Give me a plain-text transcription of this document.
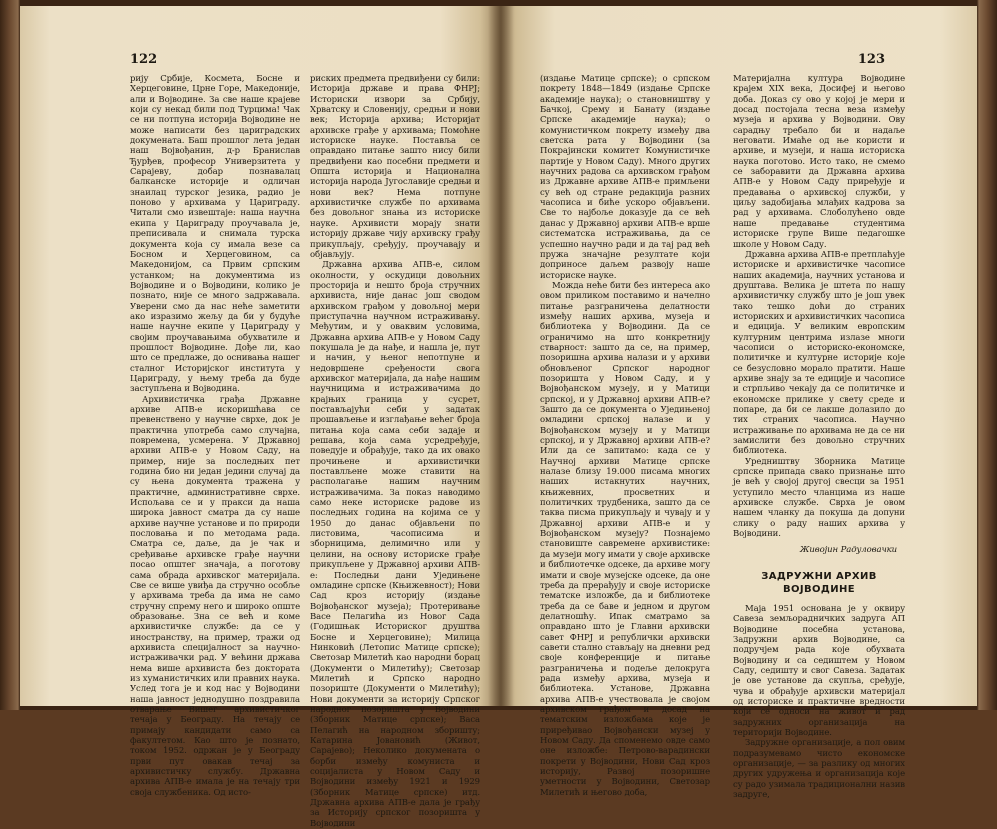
122

рију Србије, Космета, Босне и Херцеговине, Црне Горе, Македоније, али и Војводине. За све наше крајеве који су некад били под Турцима! Чак се ни потпуна историја Војводине не може написати без цариградских докумената. Баш прошлог лета један наш Војвођанин, д-р Бранислав Ђурђев, професор Универзитета у Сарајеву, добар познавалац балканске историје и одличан знаилац турског језика, радио је поново у архивама у Цариграду. Читали смо извештаје: наша научна екипа у Цариграду проучавала је, преписивала и снимала турска документа која су имала везе са Босном и Херцеговином, са Македонијом, са Првим српским устанком; на документима из Војводине и о Војводини, колико је познато, није се много задржавала. Уверени смо да нас неће заметити ако изразимо жељу да би у будуће наше научне екипе у Цариграду у својим проучавањима обухватиле и прошлост Војводине. Дође ли, као што се предлаже, до оснивања нашег сталног Историјског института у Цариграду, у њему треба да буде заступљена и Војводина.

Архивистичка грађа Државне архиве АПВ-е искоришћава се превенствено у научне сврхе, док је практична употреба само случајна, повремена, усмерена. У Државној архиви АПВ-е у Новом Саду, на пример, није за последњих пет година био ни један једини случај да су њена документа тражена у практичне, административне сврхе. Испољава се и у пракси да наша широка јавност сматра да су наше архиве научне установе и по природи пословања и по методама рада. Сматра се, даље, да је чак и сређивање архивске грађе научни посао општег значаја, а поготову сама обрада архивског материјала. Све се више увиђа да стручно особље у архивама треба да има не само стручну спрему него и широко опште образовање. Зна се већ и коме архивистичке службе: да се у иностранству, на пример, тражи од архивиста специјалност за научно-истраживачки рад. У већини држава нема више архивиста без доктората из хуманистичких или правних наука. Услед тога је и код нас у Војводини наша јавност једнодушно поздравила отварање Вишег архивистичког течаја у Београду. На течају се примају кандидати само са факултетом. Као што је познато, током 1952. одржан је у Београду први пут овакав течај за архивистичку службу. Државна архива АПВ-е имала је на течају три своја службеника. Од исто-

риских предмета предвиђени су били: Историја државе и права ФНРЈ; Историски извори за Србију, Хрватску и Словенију, средњи и нови век; Историја архива; Историјат архивске грађе у архивама; Помоћне историске науке. Поставља се оправдано питање зашто нису били предвиђени као посебни предмети и Општа историја и Национална историја народа Југославије средњи и нови век? Нема потпуне архивистичке службе по архивама без довољног знања из историске науке. Архивисти морају знати историју државе чију архивску грађу прикупљају, сређују, проучавају и објављују.

Државна архива АПВ-е, силом околности, у оскудици довољних просторија и нешто броја стручних архивиста, није данас још сводом архивском грађом у довољној мери приступачна научном истраживању. Међутим, и у оваквим условима, Државна архива АПВ-е у Новом Саду покушала је да нађе, и нашла је, пут и начин, у њеног непотпуне и недовршене сређености свога архивског материјала, да нађе нашим научницима и истраживачима до крајњих граница у сусрет, постављајући себи у задатак прошављење и изглађање већег броја питања која сама себи задаје и решава, која сама усредређује, поведује и обрађује, тако да их овако прочињене и архивистички поставлљене може ставити на располагање нашим научним истраживачима. За показ наводимо само неке историске радове из последњих година на којима се у 1950 до данас објављени по листовима, часописима и зборницима, делимично или у целини, на основу историске грађе прикупљене у Државној архиви АПВ-е: Последњи дани Уједињене омладине српске (Књижевност); Нови Сад кроз историју (издање Војвођанског музеја); Протеривање Васе Пелагића из Новог Сада (Годишњак Историског друштва Босне и Херцеговине); Милица Нинковић (Летопис Матице српске); Светозар Милетић као народни борац (Документи о Милетићу); Светозар Милетић и Српско народно позориште (Документи о Милетићу); Нови документи за историју Српског народног позоришта у Војводини (Зборник Матице српске); Васа Пелагић на народном зборишту; Катарина Јовановић (Живот, Сарајево); Неколико докумената о борби између комуниста и социјалиста у Новом Саду и Војводини између 1921 и 1929 (Зборник Матице српске) итд. Државна архива АПВ-е дала је грађу за Историју српског позоришта у Војводини

123

(издање Матице српске); о српском покрету 1848—1849 (издање Српске академије наука); о становништву у Бачкој, Срему и Банату (издање Српске академије наука); о комунистичком покрету између два светска рата у Војводини (за Покрајински комитет Комунистичке партије у Новом Саду). Много других научних радова са архивском грађом из Државне архиве АПВ-е примљени су већ од стране редакција разних часописа и биће ускоро објављени. Све то најбоље доказује да се већ данас у Државној архиви АПВ-е врше систематска истраживања, да се успешно научно ради и да тај рад већ пружа значајне резултате који доприносе даљем развоју наше историске науке.

Можда неће бити без интереса ако овом приликом поставимо и начелно питање разграничења делатности између наших архива, музеја и библиотека у Војводини. Да се ограничимо на што конкретнију стварност: зашто да се, на пример, позоришна архива налази и у архиви обновљеног Српског народног позоришта у Новом Саду, и у Војвођанском музеју, и у Матици српској, и у Државној архиви АПВ-е? Зашто да се документа о Уједињеној омладини српској налазе и у Војвођанском музеју и у Матици српској, и у Државној архиви АПВ-е? Или да се запитамо: када се у Научној архиви Матице српске налазе близу 19.000 писама многих наших истакнутих научних, књижевних, просветних и политичких трудбеника, зашто да се таква писма прикупљају и чувају и у Државној архиви АПВ-е и у Војвођанском музеју? Познајемо становиште савремене архивистике: да музеји могу имати у своје архивске и библиотечке одсеке, да архиве могу имати и своје музејске одсеке, да оне треба да прерађују и своје историске тематске изложбе, да и библиотеке треба да се баве и једном и другом делатношћу. Ипак сматрамо за оправдано што је Главни архивски савет ФНРЈ и републички архивски савети стално стављају на дневни ред своје конференције и питање разграничења и подеље делокруга рада између архива, музеја и библиотека. Установе, Државна архива АПВ-е учествовала је својом архивском грађом и досад на тематским изложбама које је приређивао Војвођански музеј у Новом Саду. Да споменемо овде само оне изложбе: Петрово-варадински покрети у Војводини, Нови Сад кроз историју, Развој позоришне уметности у Војводини, Светозар Милетић и његово доба,

Материјална култура Војводине крајем XIX века, Досифеј и његово доба. Доказ су ово у којој је мери и досад постојала тесна веза између музеја и архива у Војводини. Ову сарадњу требало би и надаље неговати. Имаће од ње користи и архиве, и музеји, и наша историска наука поготово. Исто тако, не смемо се заборавити да Државна архива АПВ-е у Новом Саду приређује и предавања о архивској служби, у циљу задобијања млађих кадрова за рад у архивама. Слоболућено овде наше предавање студентима историске групе Више педагошке школе у Новом Саду.

Државна архива АПВ-е претплаћује историске и архивистичке часописе наших академија, научних установа и друштава. Велика је штета по нашу архивистичку службу што је још увек тако тешко доћи до страних историских и архивистичких часописа и едиција. У великим европским културним центрима излазе многи часописи о историско-економске, политичке и културне историје које се безусловно морало пратити. Наше архиве знају за те едиције и часописе и стрпљиво чекају да се политичке и економске прилике у свету среде и попаре, да би се лакше долазило до тих страних часописа. Научно истраживање по архивама не да се ни замислити без довољно стручних библиотека.

Уредништву Зборника Матице српске припада свако признање што је већ у својој другој свесци за 1951 уступило место чланцима из наше архивске службе. Сврха је овом нашем чланку да покуша да допуни слику о раду наших архива у Војводини.

Живојин Радуловачки

ЗАДРУЖНИ АРХИВ ВОЈВОДИНЕ

Маја 1951 основана је у оквиру Савеза земљорадничких задруга АП Војводине посебна установа, Задружни архив Војводине, са подручјем рада које обухвата Војводину и са седиштем у Новом Саду, седишту и свог Савеза. Задатак је ове установе да скупља, сређује, чува и обрађује архивски материјал од историске и практичне вредности који се односи на живот и рад задружних организација на територији Војводине.

Задружне организације, а пол овим подразумевамо чисто економске организације, — за разлику од многих других удружења и организација које су радо узимала традиционални назив задруге,
